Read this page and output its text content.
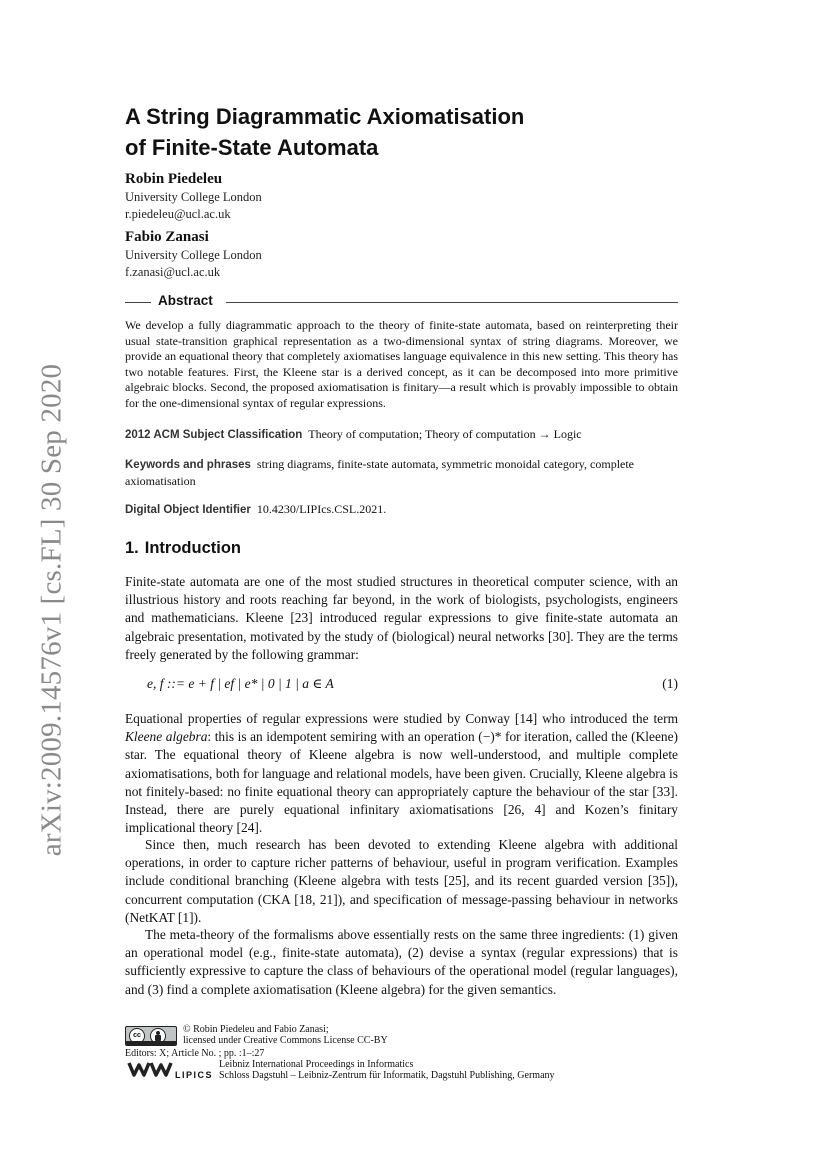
arXiv:2009.14576v1 [cs.FL] 30 Sep 2020
A String Diagrammatic Axiomatisation
of Finite-State Automata
Robin Piedeleu
University College London
r.piedeleu@ucl.ac.uk
Fabio Zanasi
University College London
f.zanasi@ucl.ac.uk
Abstract

We develop a fully diagrammatic approach to the theory of finite-state automata, based on reinterpreting their usual state-transition graphical representation as a two-dimensional syntax of string diagrams. Moreover, we provide an equational theory that completely axiomatises language equivalence in this new setting. This theory has two notable features. First, the Kleene star is a derived concept, as it can be decomposed into more primitive algebraic blocks. Second, the proposed axiomatisation is finitary—a result which is provably impossible to obtain for the one-dimensional syntax of regular expressions.

2012 ACM Subject Classification Theory of computation; Theory of computation → Logic

Keywords and phrases string diagrams, finite-state automata, symmetric monoidal category, complete axiomatisation

Digital Object Identifier 10.4230/LIPIcs.CSL.2021.

1. Introduction

Finite-state automata are one of the most studied structures in theoretical computer science, with an illustrious history and roots reaching far beyond, in the work of biologists, psychologists, engineers and mathematicians. Kleene [23] introduced regular expressions to give finite-state automata an algebraic presentation, motivated by the study of (biological) neural networks [30]. They are the terms freely generated by the following grammar:

e, f ::= e + f | ef | e* | 0 | 1 | a ∈ A	(1)

Equational properties of regular expressions were studied by Conway [14] who introduced the term Kleene algebra: this is an idempotent semiring with an operation (−)* for iteration, called the (Kleene) star. The equational theory of Kleene algebra is now well-understood, and multiple complete axiomatisations, both for language and relational models, have been given. Crucially, Kleene algebra is not finitely-based: no finite equational theory can appropriately capture the behaviour of the star [33]. Instead, there are purely equational infinitary axiomatisations [26, 4] and Kozen’s finitary implicational theory [24].

Since then, much research has been devoted to extending Kleene algebra with additional operations, in order to capture richer patterns of behaviour, useful in program verification. Examples include conditional branching (Kleene algebra with tests [25], and its recent guarded version [35]), concurrent computation (CKA [18, 21]), and specification of message-passing behaviour in networks (NetKAT [1]).

The meta-theory of the formalisms above essentially rests on the same three ingredients: (1) given an operational model (e.g., finite-state automata), (2) devise a syntax (regular expressions) that is sufficiently expressive to capture the class of behaviours of the operational model (regular languages), and (3) find a complete axiomatisation (Kleene algebra) for the given semantics.

cc
© Robin Piedeleu and Fabio Zanasi;
licensed under Creative Commons License CC-BY
Editors: X; Article No. ; pp. :1–:27
LIPICS
Leibniz International Proceedings in Informatics
Schloss Dagstuhl – Leibniz-Zentrum für Informatik, Dagstuhl Publishing, Germany
